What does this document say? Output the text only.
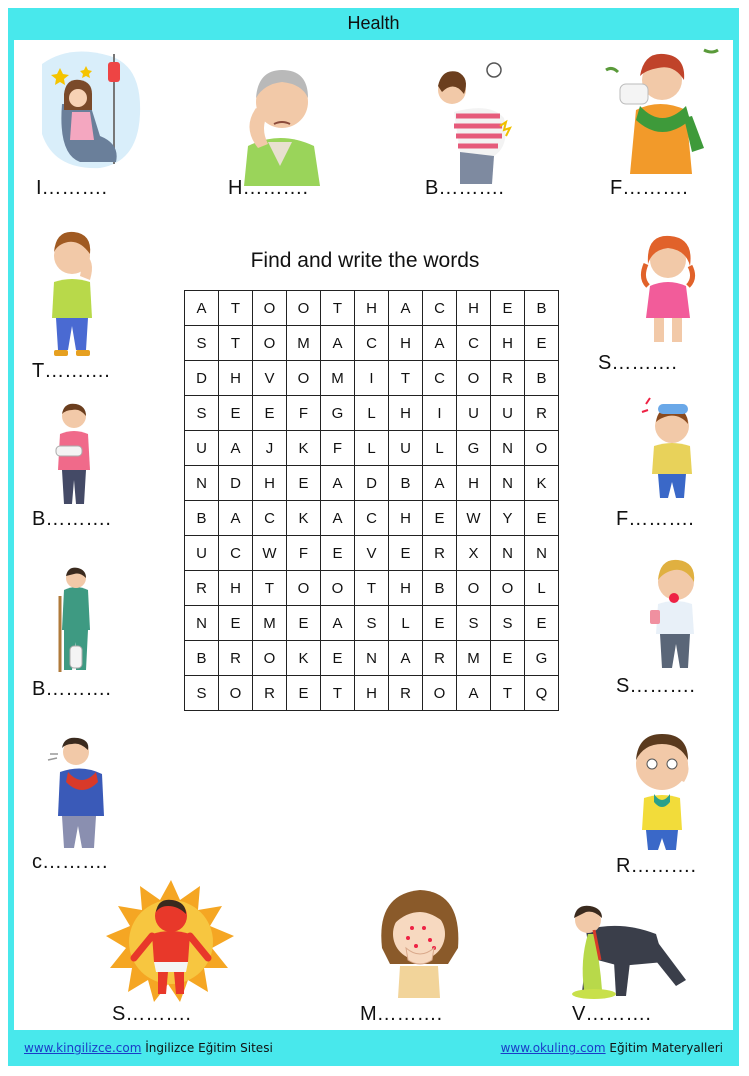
Health
I……….	H……….	B……….	F……….
T……….	S……….
B……….	F……….
B……….	S……….
c……….	R……….
S……….	M……….	V……….
Find and write the words
A	T	O	O	T	H	A	C	H	E	B
S	T	O	M	A	C	H	A	C	H	E
D	H	V	O	M	I	T	C	O	R	B
S	E	E	F	G	L	H	I	U	U	R
U	A	J	K	F	L	U	L	G	N	O
N	D	H	E	A	D	B	A	H	N	K
B	A	C	K	A	C	H	E	W	Y	E
U	C	W	F	E	V	E	R	X	N	N
R	H	T	O	O	T	H	B	O	O	L
N	E	M	E	A	S	L	E	S	S	E
B	R	O	K	E	N	A	R	M	E	G
S	O	R	E	T	H	R	O	A	T	Q
www.kingilizce.com İngilizce Eğitim Sitesi	www.okuling.com Eğitim Materyalleri
